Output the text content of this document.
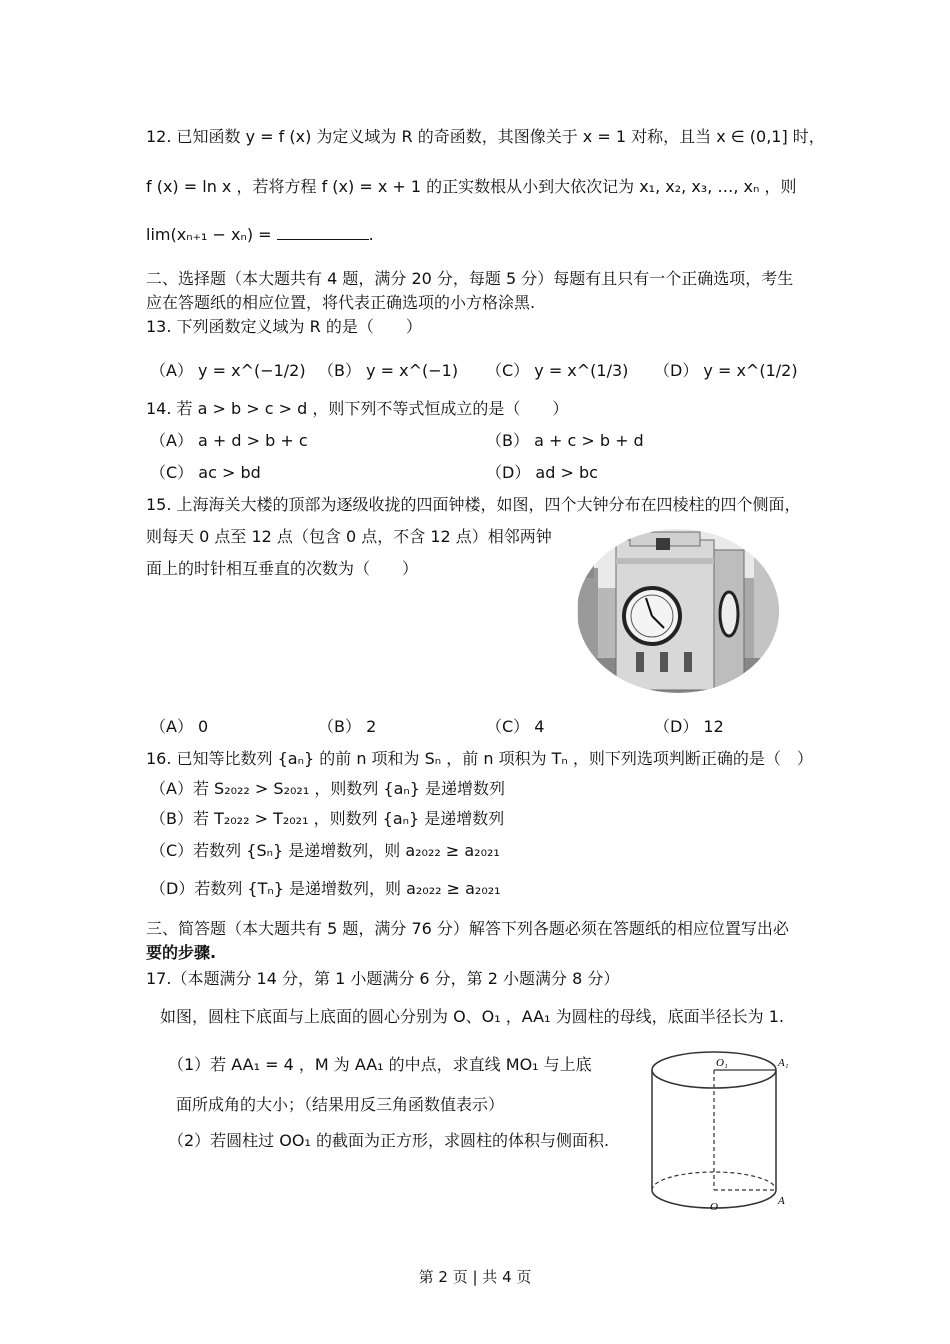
12. 已知函数 y = f (x) 为定义域为 R 的奇函数，其图像关于 x = 1 对称，且当 x ∈ (0,1] 时，
f (x) = ln x ，若将方程 f (x) = x + 1 的正实数根从小到大依次记为 x₁, x₂, x₃, …, xₙ ，则
lim(xₙ₊₁ − xₙ) =	.
二、选择题（本大题共有 4 题，满分 20 分，每题 5 分）每题有且只有一个正确选项，考生
应在答题纸的相应位置，将代表正确选项的小方格涂黑.
13. 下列函数定义域为 R 的是（　　）
（A） y = x^(−1/2) （B） y = x^(−1) （C） y = x^(1/3) （D） y = x^(1/2)
14. 若 a > b > c > d ，则下列不等式恒成立的是（　　）
（A） a + d > b + c	（B） a + c > b + d
（C） ac > bd	（D） ad > bc
15. 上海海关大楼的顶部为逐级收拢的四面钟楼，如图，四个大钟分布在四棱柱的四个侧面，
则每天 0 点至 12 点（包含 0 点，不含 12 点）相邻两钟
面上的时针相互垂直的次数为（　　）
（A） 0	（B） 2	（C） 4	（D） 12
16. 已知等比数列 {aₙ} 的前 n 项和为 Sₙ ，前 n 项积为 Tₙ ，则下列选项判断正确的是（　）
（A）若 S₂₀₂₂ > S₂₀₂₁ ，则数列 {aₙ} 是递增数列
（B）若 T₂₀₂₂ > T₂₀₂₁ ，则数列 {aₙ} 是递增数列
（C）若数列 {Sₙ} 是递增数列，则 a₂₀₂₂ ≥ a₂₀₂₁
（D）若数列 {Tₙ} 是递增数列，则 a₂₀₂₂ ≥ a₂₀₂₁
三、简答题（本大题共有 5 题，满分 76 分）解答下列各题必须在答题纸的相应位置写出必
要的步骤.
17.（本题满分 14 分，第 1 小题满分 6 分，第 2 小题满分 8 分）
如图，圆柱下底面与上底面的圆心分别为 O、O₁ ，AA₁ 为圆柱的母线，底面半径长为 1.
（1）若 AA₁ = 4 ，M 为 AA₁ 的中点，求直线 MO₁ 与上底
面所成角的大小；（结果用反三角函数值表示）
（2）若圆柱过 OO₁ 的截面为正方形，求圆柱的体积与侧面积.
O₁	A₁
O	A
第 2 页 | 共 4 页
